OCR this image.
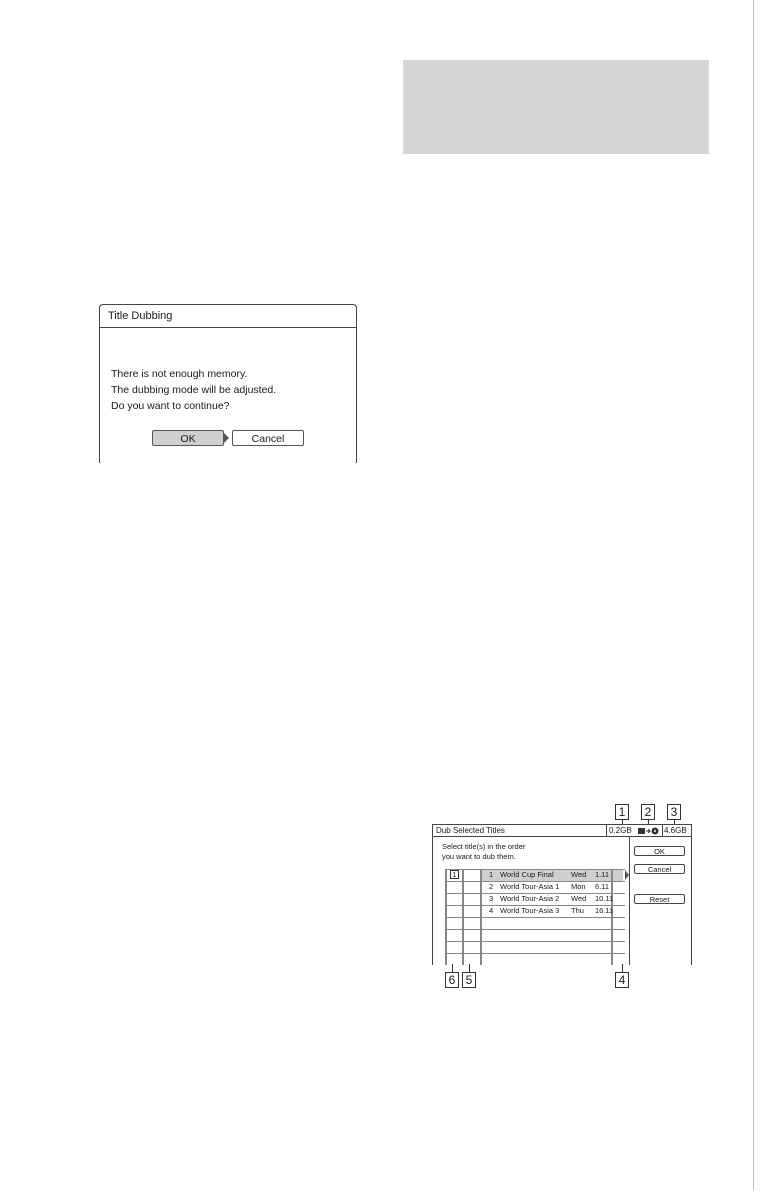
Title Dubbing
There is not enough memory.
The dubbing mode will be adjusted.
Do you want to continue?
OK	Cancel
1	2	3
Dub Selected Titles	0.2GB	4.6GB
Select title(s) in the order
you want to dub them.
OK
Cancel
Reset
1	1 World Cup Final Wed 1.11
2 World Tour-Asia 1 Mon 6.11
3 World Tour-Asia 2 Wed 10.11
4 World Tour-Asia 3 Thu 16.11
6 5	4
